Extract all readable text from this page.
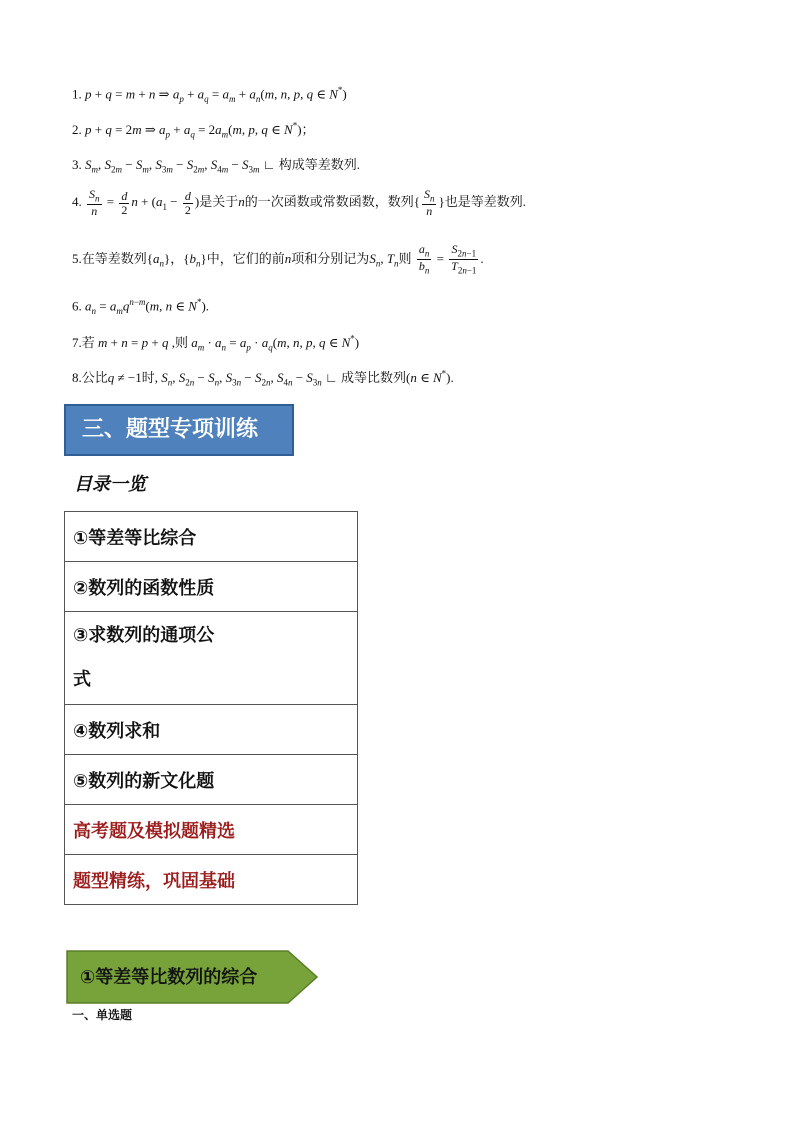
1. p + q = m + n ⇒ $a_p + a_q = a_m + a_n(m$, n, p, q ∈ N*)
2. p + q = 2m ⇒ $a_p + a_q = 2a_m(m$, p, q ∈ N*)；
3. $S_m$, $S_{2m} - S_m$, $S_{3m} - S_{2m}$, $S_{4m} - S_{3m}$ ∟ 构成等差数列.
4. $\frac{S_n}{n} = \frac{d}{2}$ $n + (a_1 - \frac{d}{2}$ )是关于n的一次函数或常数函数，数列{ $\frac{S_n}{n}$ }也是等差数列.
5.在等差数列$\{a_n\}$，$\{b_n\}$中，它们的前n项和分别记为$S_n$, $T_n$则 $\frac{a_n}{b_n} = \frac{S_{2n-1}}{T_{2n-1}}$ .
6. $a_n = a_mq^{n-m}(m$, n ∈ N*).
7.若 m + n = p + q ,则 $a_m \cdot a_n = a_p \cdot a_q(m$, n, p, q ∈ N*)
8.公比q ≠ −1时, $S_n$, $S_{2n} - S_n$, $S_{3n} - S_{2n}$, $S_{4n} - S_{3n}$ ∟ 成等比数列(n ∈ N*).
三、题型专项训练
目录一览
①等差等比综合
②数列的函数性质
③求数列的通项公
式
④数列求和
⑤数列的新文化题
高考题及模拟题精选
题型精练，巩固基础
①等差等比数列的综合
一、单选题
